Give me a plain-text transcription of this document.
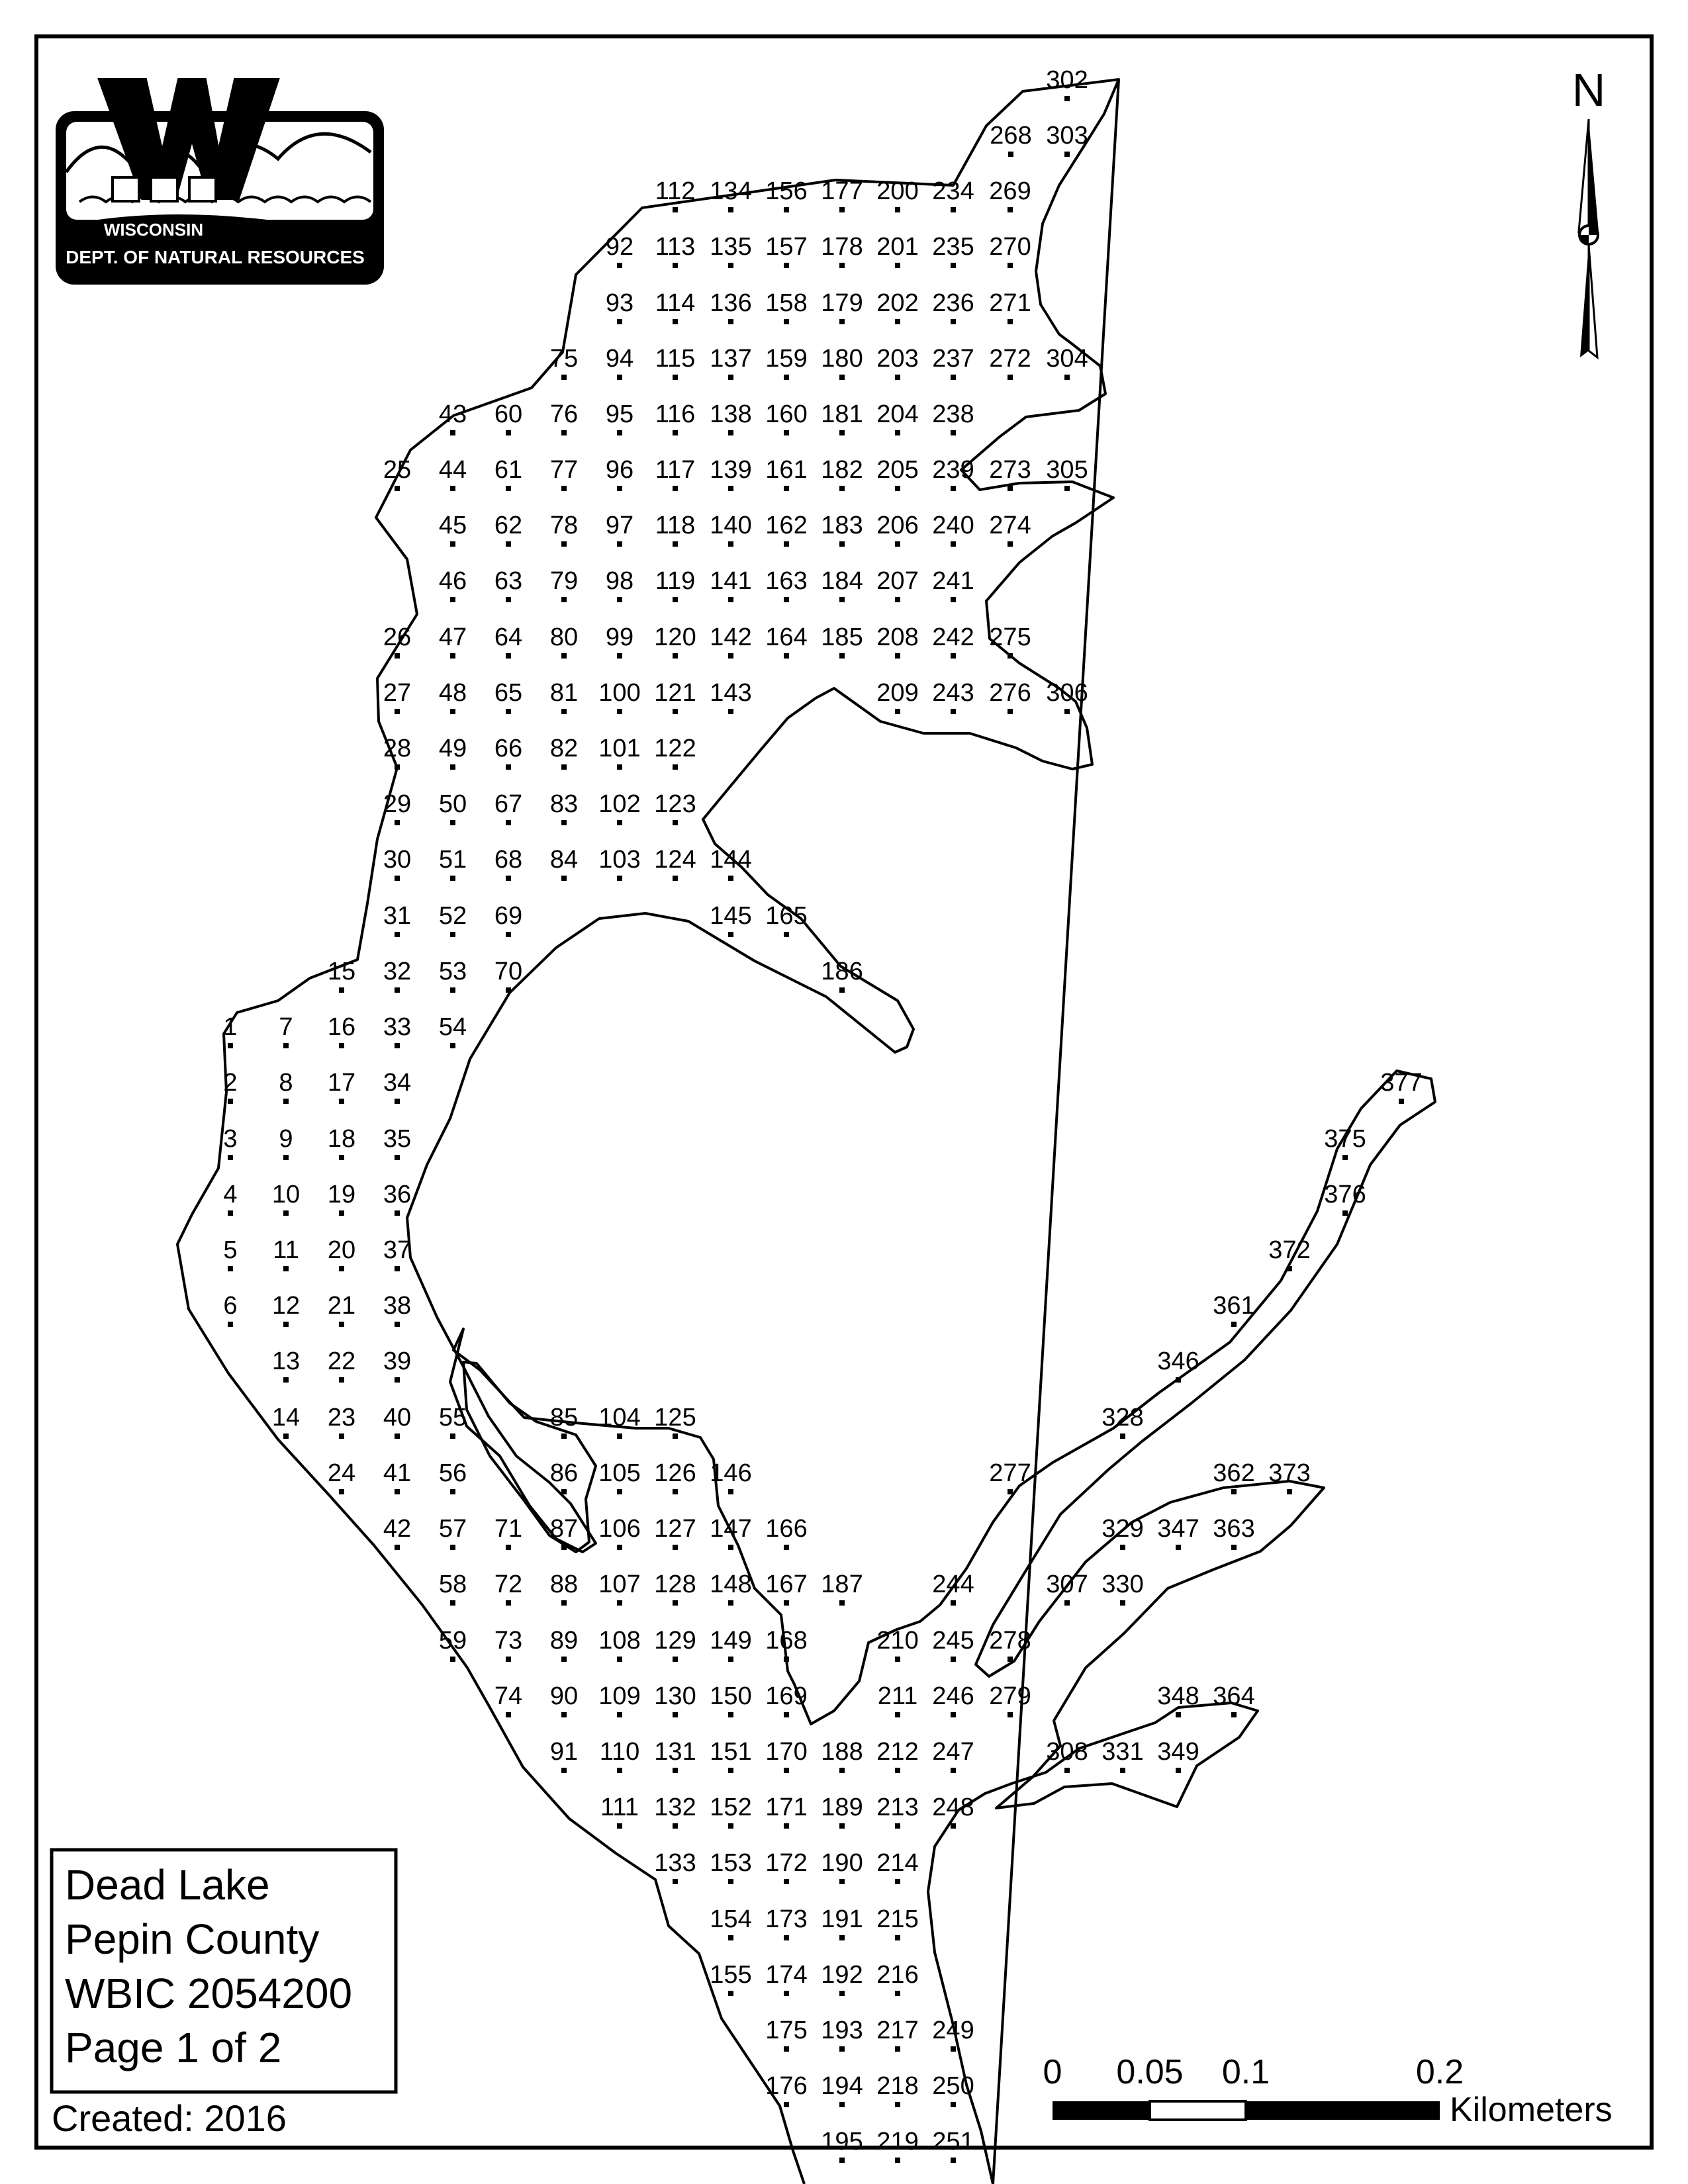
302
268 303
112 134 156 177 200 234 269
92 113 135 157 178 201 235 270
93 114 136 158 179 202 236 271
75 94 115 137 159 180 203 237 272 304
43 60 76 95 116 138 160 181 204 238
25 44 61 77 96 117 139 161 182 205 239 273 305
45 62 78 97 118 140 162 183 206 240 274
46 63 79 98 119 141 163 184 207 241
26 47 64 80 99 120 142 164 185 208 242 275
27 48 65 81 100 121 143	209 243 276 306
28 49 66 82 101 122
29 50 67 83 102 123
30 51 68 84 103 124 144
31 52 69	145 165
15 32 53 70	186
1 7 16 33 54
2 8 17 34	377
3 9 18 35	375
4 10 19 36	376
5 11 20 37	372
6 12 21 38	361
13 22 39	346
14 23 40 55	85 104 125	328
24 41 56	86 105 126 146	277	362 373
42 57 71 87 106 127 147 166	329 347 363
58 72 88 107 128 148 167 187	244	307 330
59 73 89 108 129 149 168	210 245 278
74 90 109 130 150 169	211 246 279	348 364
91 110 131 151 170 188 212 247	308 331 349
111 132 152 171 189 213 248
133 153 172 190 214
154 173 191 215
155 174 192 216
175 193 217 249
176 194 218 250
195 219 251
WISCONSIN
DEPT. OF NATURAL RESOURCES
N
Dead Lake
Pepin County
WBIC 2054200
Page 1 of 2
Created: 2016
0 0.05 0.1	0.2
Kilometers
